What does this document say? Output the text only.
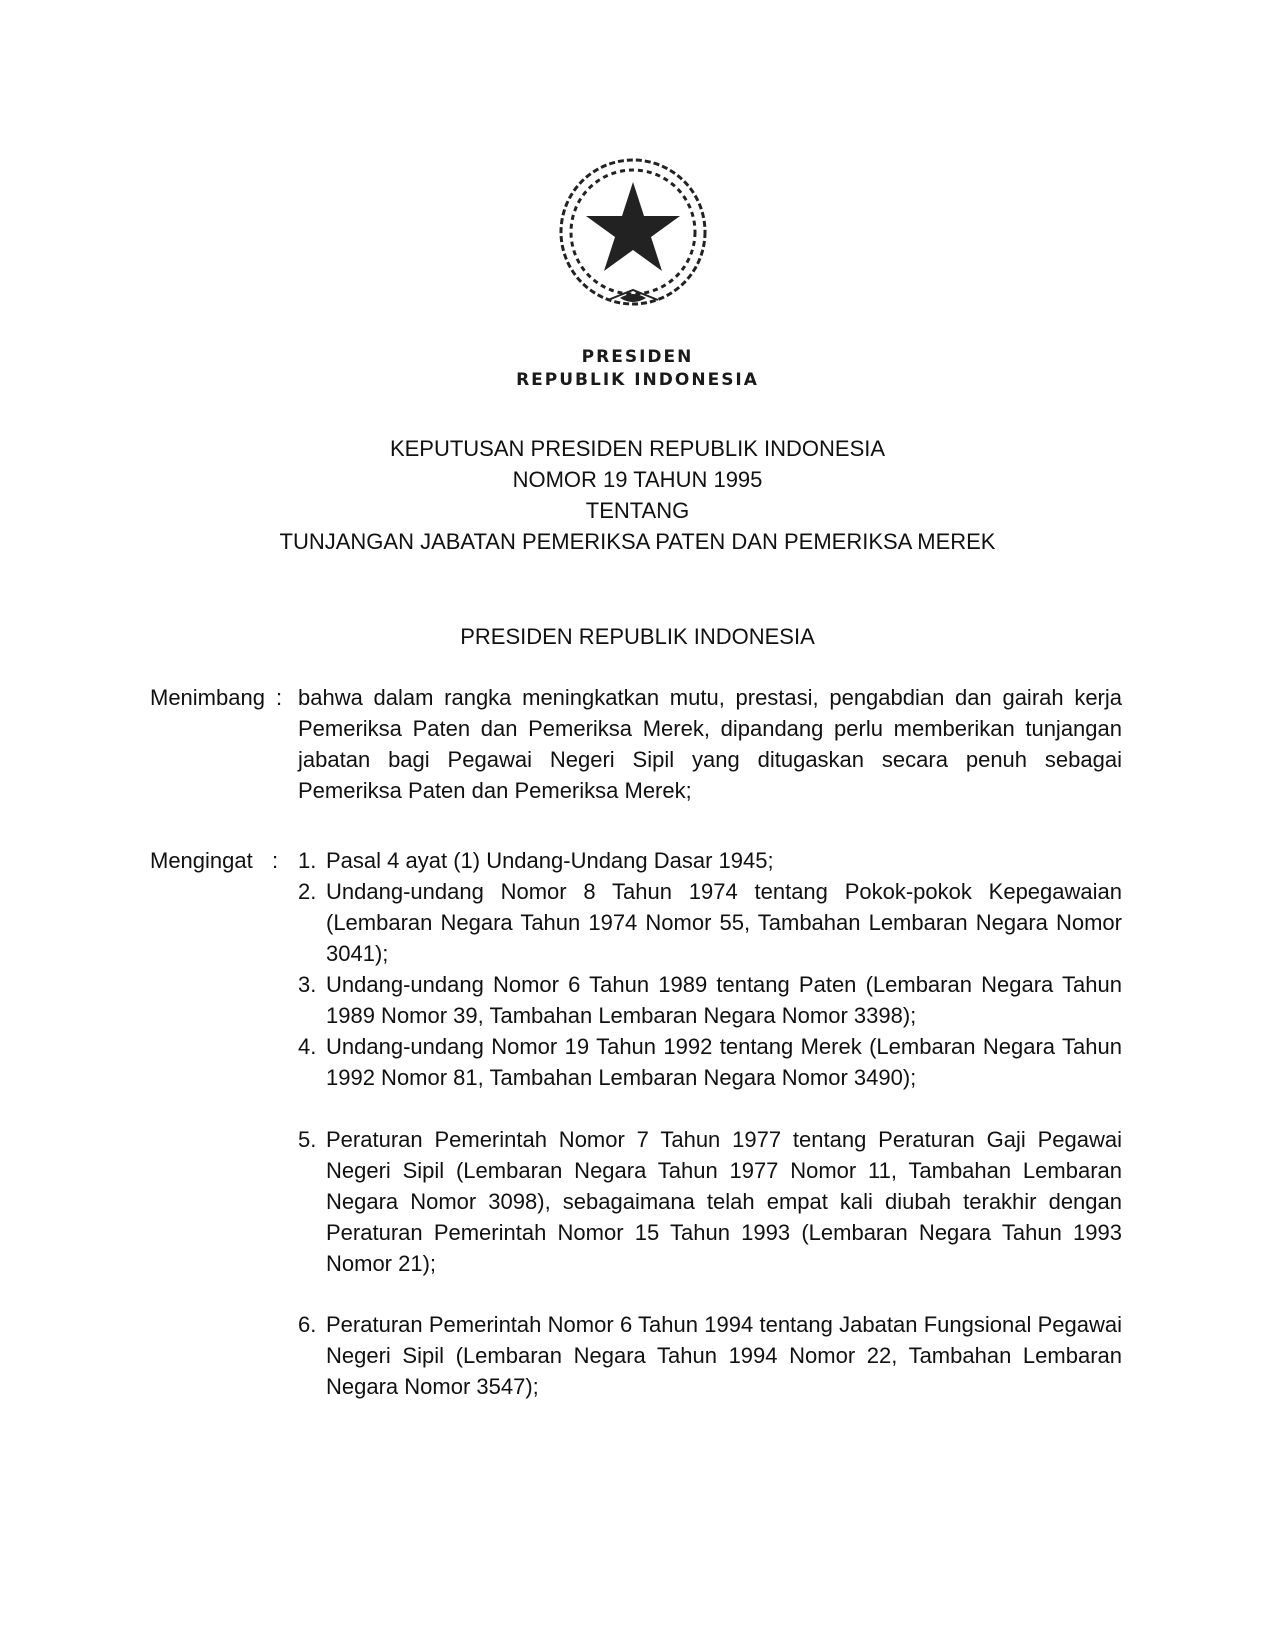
PRESIDEN
REPUBLIK INDONESIA
KEPUTUSAN PRESIDEN REPUBLIK INDONESIA
NOMOR 19 TAHUN 1995
TENTANG
TUNJANGAN JABATAN PEMERIKSA PATEN DAN PEMERIKSA MEREK
PRESIDEN REPUBLIK INDONESIA
Menimbang : bahwa dalam rangka meningkatkan mutu, prestasi, pengabdian dan gairah kerja Pemeriksa Paten dan Pemeriksa Merek, dipandang perlu memberikan tunjangan jabatan bagi Pegawai Negeri Sipil yang ditugaskan secara penuh sebagai Pemeriksa Paten dan Pemeriksa Merek;

Mengingat : 1. Pasal 4 ayat (1) Undang-Undang Dasar 1945;
2. Undang-undang Nomor 8 Tahun 1974 tentang Pokok-pokok Kepegawaian (Lembaran Negara Tahun 1974 Nomor 55, Tambahan Lembaran Negara Nomor 3041);
3. Undang-undang Nomor 6 Tahun 1989 tentang Paten (Lembaran Negara Tahun 1989 Nomor 39, Tambahan Lembaran Negara Nomor 3398);
4. Undang-undang Nomor 19 Tahun 1992 tentang Merek (Lembaran Negara Tahun 1992 Nomor 81, Tambahan Lembaran Negara Nomor 3490);
5. Peraturan Pemerintah Nomor 7 Tahun 1977 tentang Peraturan Gaji Pegawai Negeri Sipil (Lembaran Negara Tahun 1977 Nomor 11, Tambahan Lembaran Negara Nomor 3098), sebagaimana telah empat kali diubah terakhir dengan Peraturan Pemerintah Nomor 15 Tahun 1993 (Lembaran Negara Tahun 1993 Nomor 21);
6. Peraturan Pemerintah Nomor 6 Tahun 1994 tentang Jabatan Fungsional Pegawai Negeri Sipil (Lembaran Negara Tahun 1994 Nomor 22, Tambahan Lembaran Negara Nomor 3547);
